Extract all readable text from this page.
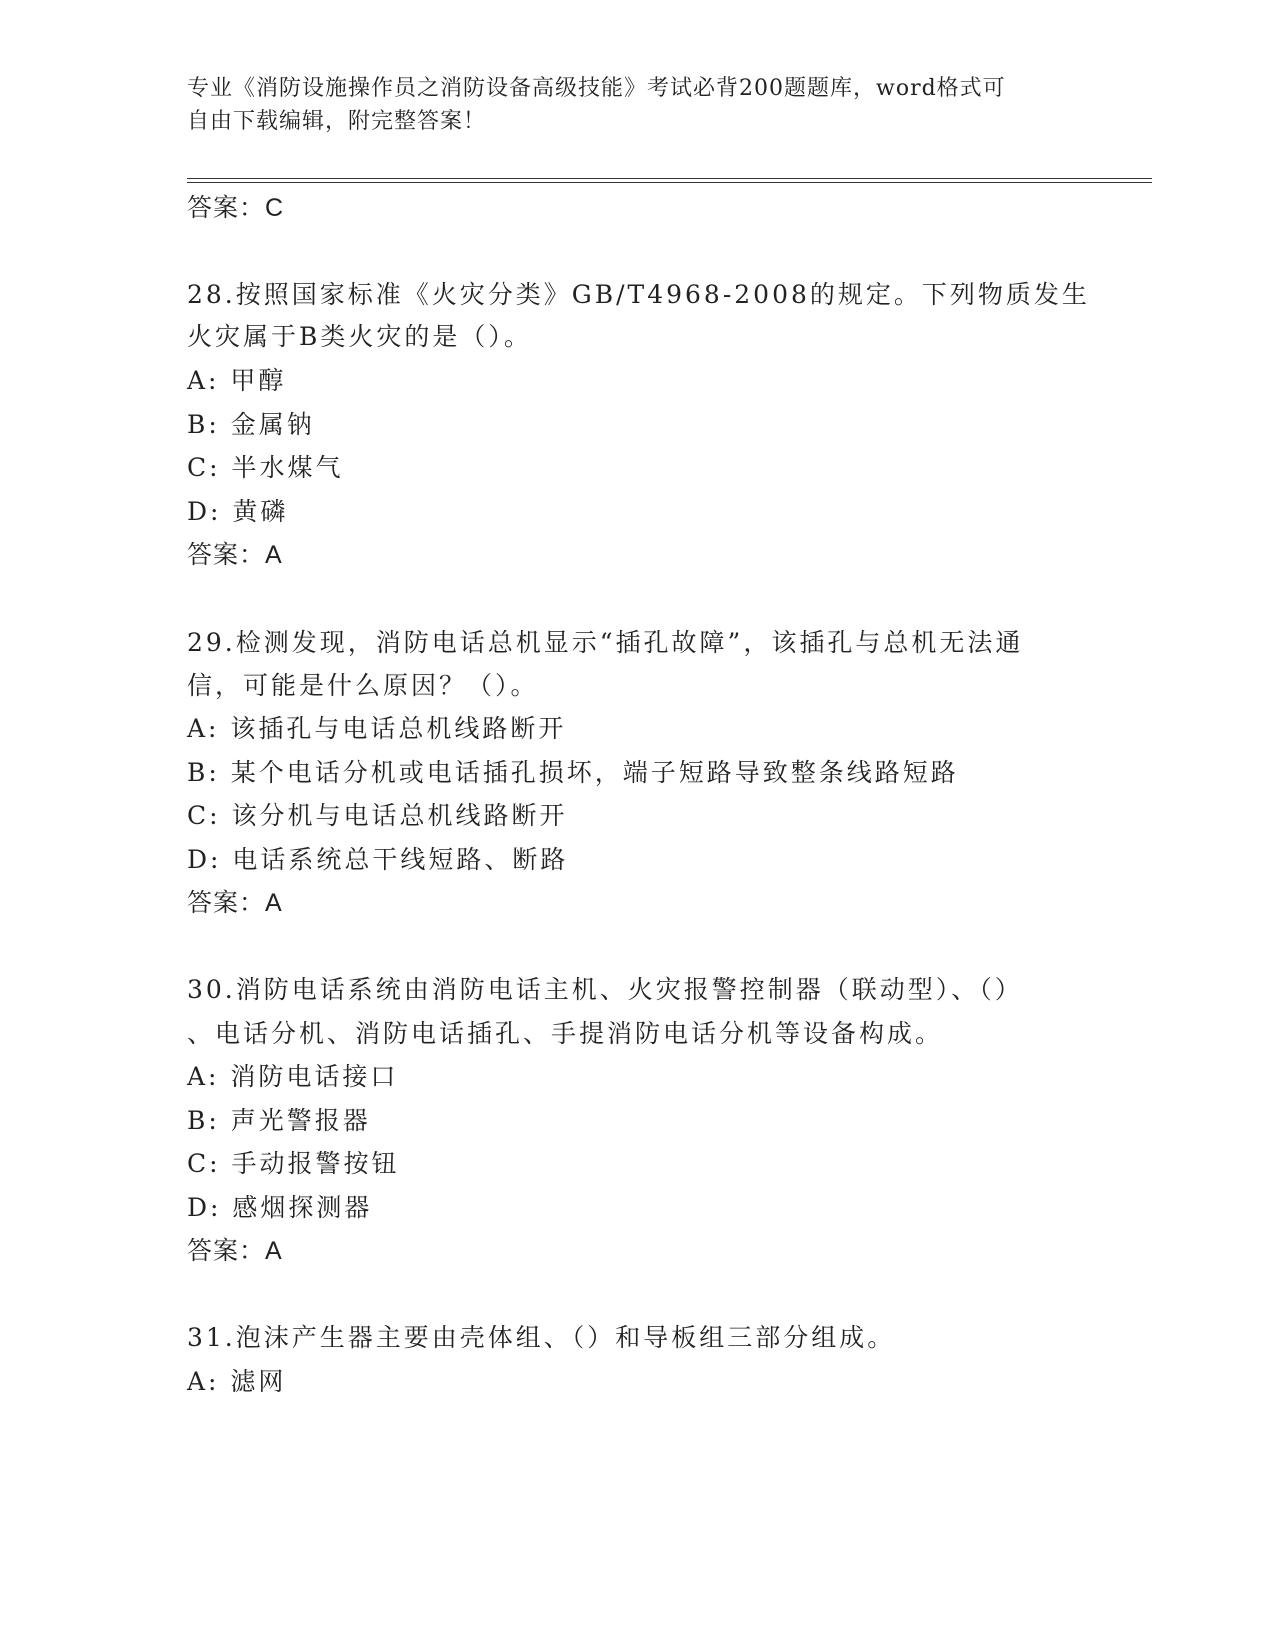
专业《消防设施操作员之消防设备高级技能》考试必背200题题库，word格式可
自由下载编辑，附完整答案！
答案：C
28.按照国家标准《火灾分类》GB/T4968-2008的规定。下列物质发生
火灾属于B类火灾的是（）。
A: 甲醇
B: 金属钠
C: 半水煤气
D: 黄磷
答案：A
29.检测发现，消防电话总机显示“插孔故障”，该插孔与总机无法通
信，可能是什么原因？（）。
A: 该插孔与电话总机线路断开
B: 某个电话分机或电话插孔损坏，端子短路导致整条线路短路
C: 该分机与电话总机线路断开
D: 电话系统总干线短路、断路
答案：A
30.消防电话系统由消防电话主机、火灾报警控制器（联动型）、（）
、电话分机、消防电话插孔、手提消防电话分机等设备构成。
A: 消防电话接口
B: 声光警报器
C: 手动报警按钮
D: 感烟探测器
答案：A
31.泡沫产生器主要由壳体组、（）和导板组三部分组成。
A: 滤网
